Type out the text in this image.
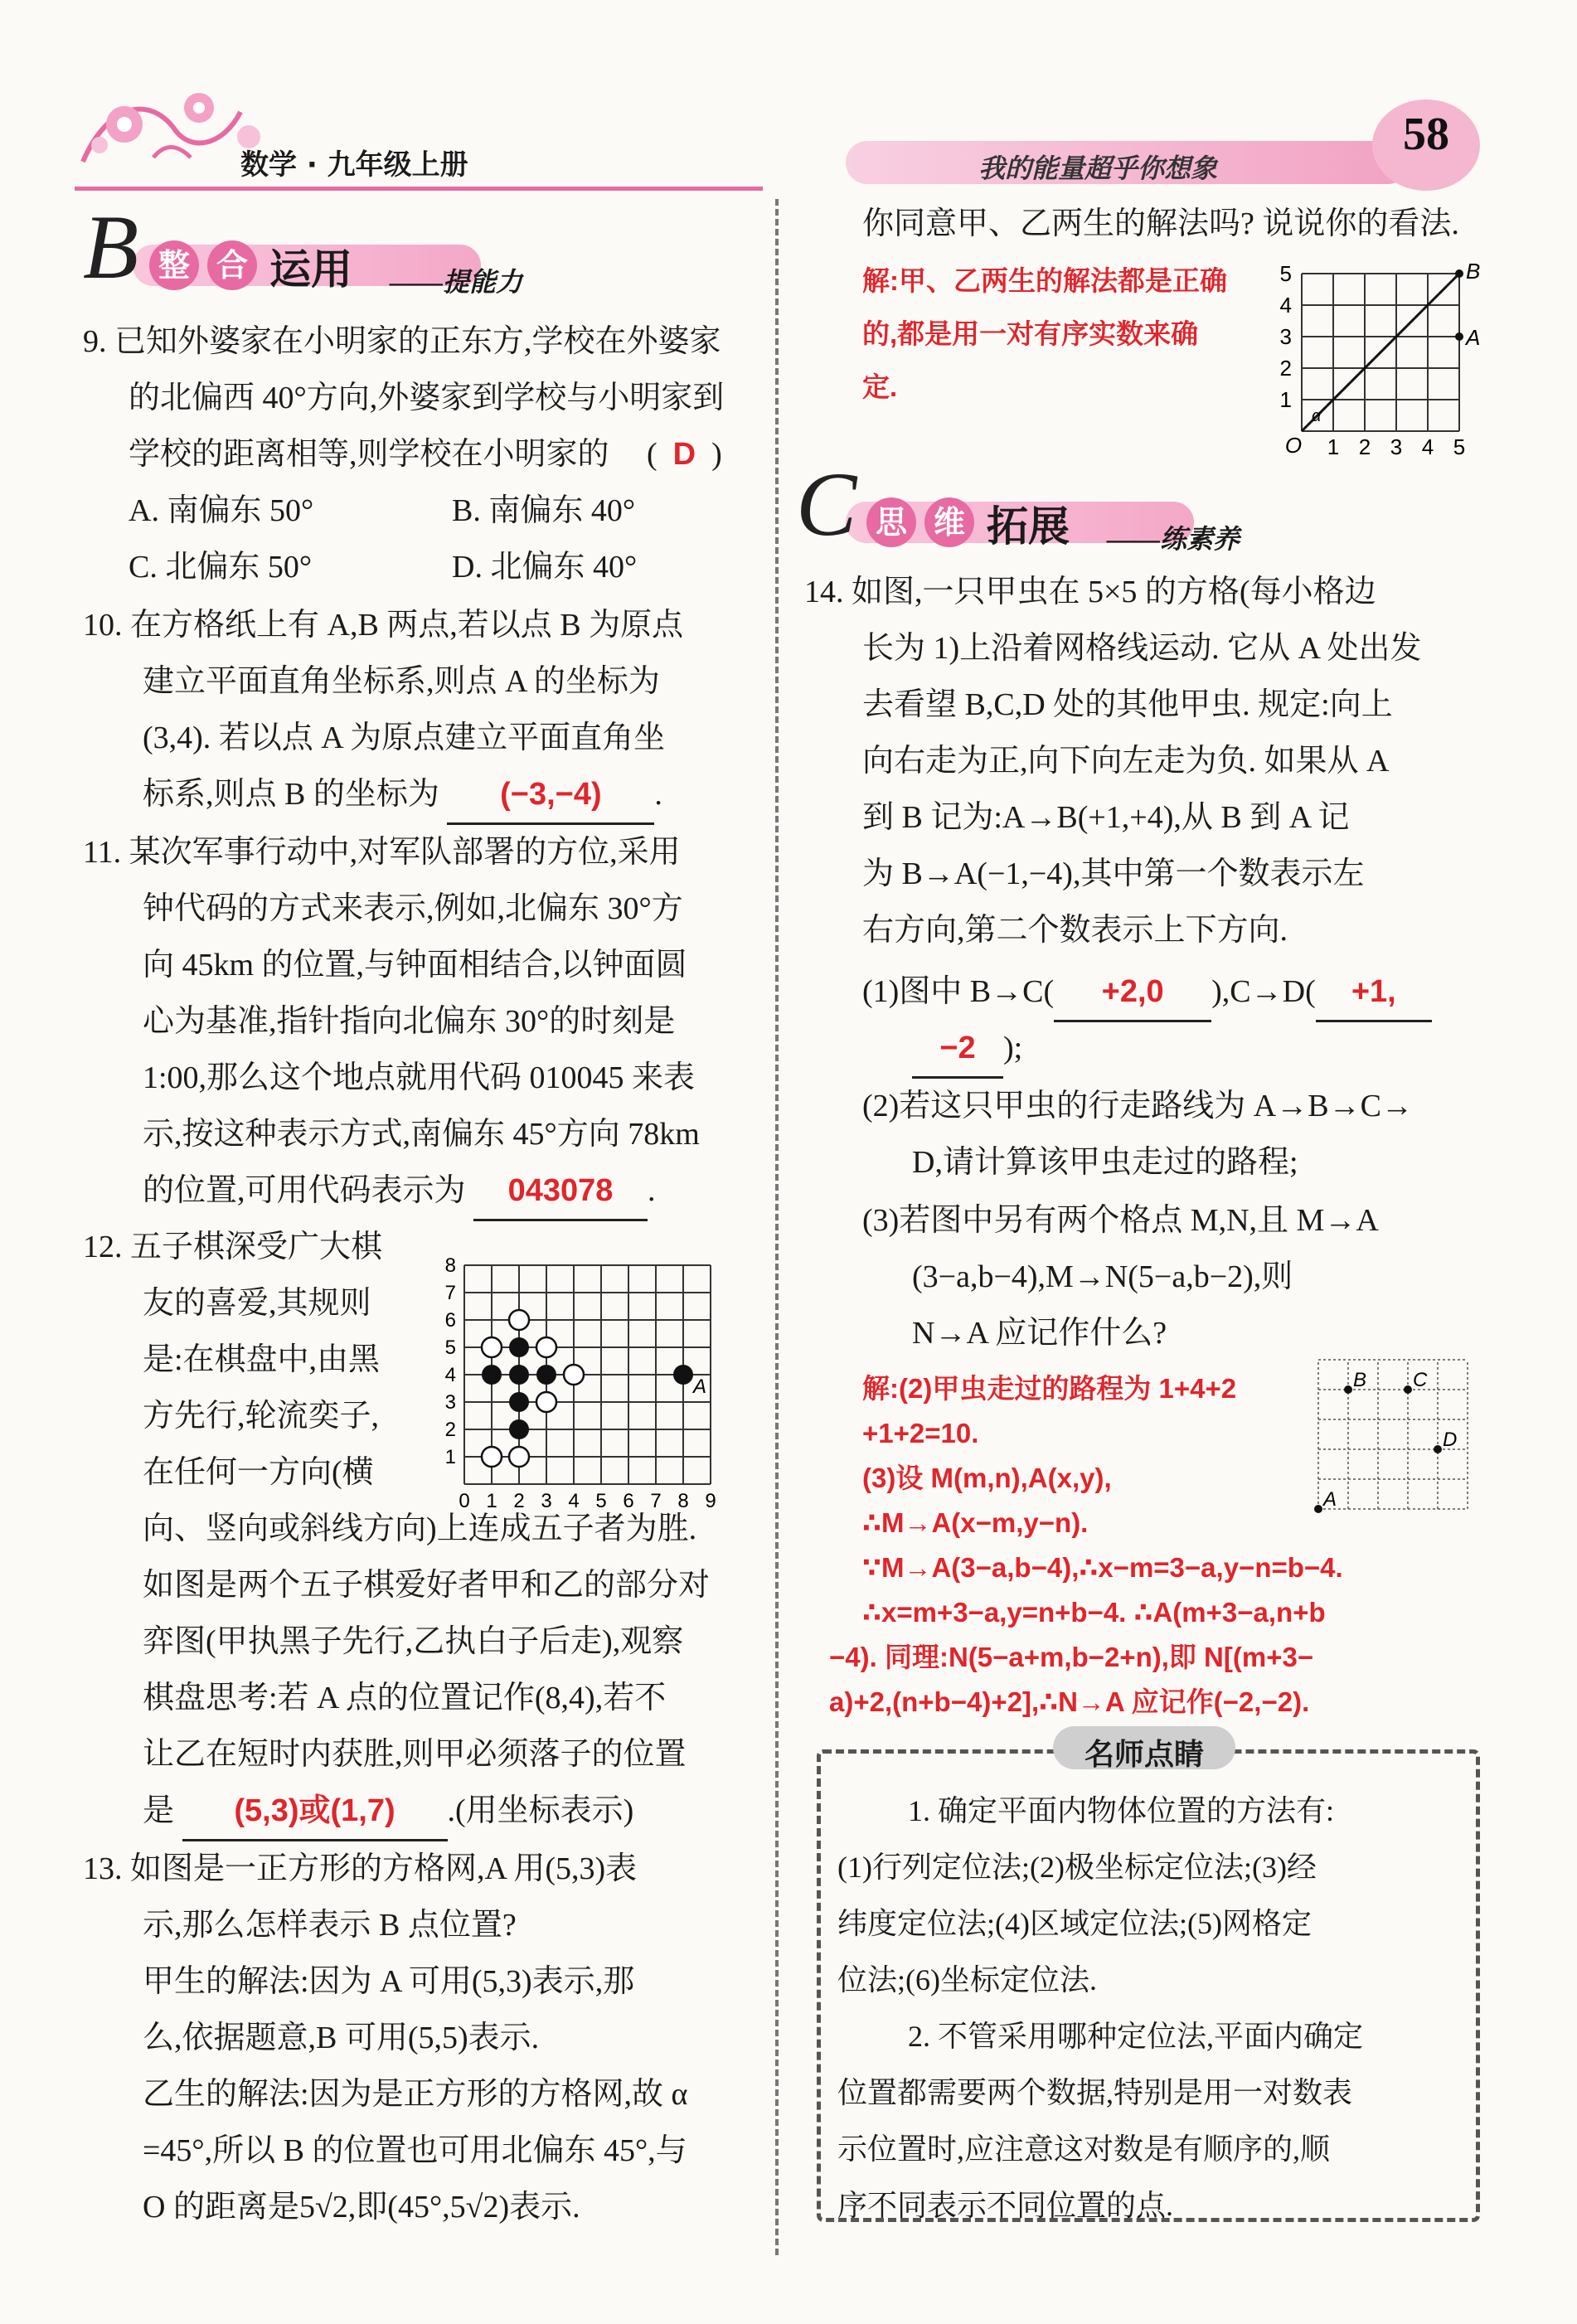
数学 · 九年级上册	我的能量超乎你想象
58
B 整 合 运用 ——提能力
9. 已知外婆家在小明家的正东方,学校在外婆家
的北偏西 40°方向,外婆家到学校与小明家到
学校的距离相等,则学校在小明家的 (  D  )
A. 南偏东 50°	B. 南偏东 40°
C. 北偏东 50°	D. 北偏东 40°
10. 在方格纸上有 A,B 两点,若以点 B 为原点
建立平面直角坐标系,则点 A 的坐标为
(3,4). 若以点 A 为原点建立平面直角坐
标系,则点 B 的坐标为 (−3,−4) .
11. 某次军事行动中,对军队部署的方位,采用
钟代码的方式来表示,例如,北偏东 30°方
向 45km 的位置,与钟面相结合,以钟面圆
心为基准,指针指向北偏东 30°的时刻是
1:00,那么这个地点就用代码 010045 来表
示,按这种表示方式,南偏东 45°方向 78km
的位置,可用代码表示为 043078 .
12. 五子棋深受广大棋
友的喜爱,其规则
是:在棋盘中,由黑
方先行,轮流奕子,
在任何一方向(横
0 1 2 3 4 5 6 7 8 9
1
2
3
4
5
6
7
8
A
向、竖向或斜线方向)上连成五子者为胜.
如图是两个五子棋爱好者甲和乙的部分对
弈图(甲执黑子先行,乙执白子后走),观察
棋盘思考:若 A 点的位置记作(8,4),若不
让乙在短时内获胜,则甲必须落子的位置
是 (5,3)或(1,7) .(用坐标表示)
13. 如图是一正方形的方格网,A 用(5,3)表
示,那么怎样表示 B 点位置?
甲生的解法:因为 A 可用(5,3)表示,那
么,依据题意,B 可用(5,5)表示.
乙生的解法:因为是正方形的方格网,故 α
=45°,所以 B 的位置也可用北偏东 45°,与
O 的距离是5√2,即(45°,5√2)表示.
你同意甲、乙两生的解法吗? 说说你的看法.
解:甲、乙两生的解法都是正确
的,都是用一对有序实数来确
定.
O 1 2 3 4 5
1
2
3
4
5
α
A
B
C 思 维 拓展 ——练素养
14. 如图,一只甲虫在 5×5 的方格(每小格边
长为 1)上沿着网格线运动. 它从 A 处出发
去看望 B,C,D 处的其他甲虫. 规定:向上
向右走为正,向下向左走为负. 如果从 A
到 B 记为:A→B(+1,+4),从 B 到 A 记
为 B→A(−1,−4),其中第一个数表示左
右方向,第二个数表示上下方向.
(1)图中 B→C( +2,0 ),C→D( +1,
−2 );
(2)若这只甲虫的行走路线为 A→B→C→
D,请计算该甲虫走过的路程;
(3)若图中另有两个格点 M,N,且 M→A
(3−a,b−4),M→N(5−a,b−2),则
N→A 应记作什么?
解:(2)甲虫走过的路程为 1+4+2
+1+2=10.
(3)设 M(m,n),A(x,y),
∴M→A(x−m,y−n).
A
B C
D
∵M→A(3−a,b−4),∴x−m=3−a,y−n=b−4.
∴x=m+3−a,y=n+b−4. ∴A(m+3−a,n+b
−4). 同理:N(5−a+m,b−2+n),即 N[(m+3−
a)+2,(n+b−4)+2],∴N→A 应记作(−2,−2).
名师点睛
1. 确定平面内物体位置的方法有:
(1)行列定位法;(2)极坐标定位法;(3)经
纬度定位法;(4)区域定位法;(5)网格定
位法;(6)坐标定位法.
2. 不管采用哪种定位法,平面内确定
位置都需要两个数据,特别是用一对数表
示位置时,应注意这对数是有顺序的,顺
序不同表示不同位置的点.
